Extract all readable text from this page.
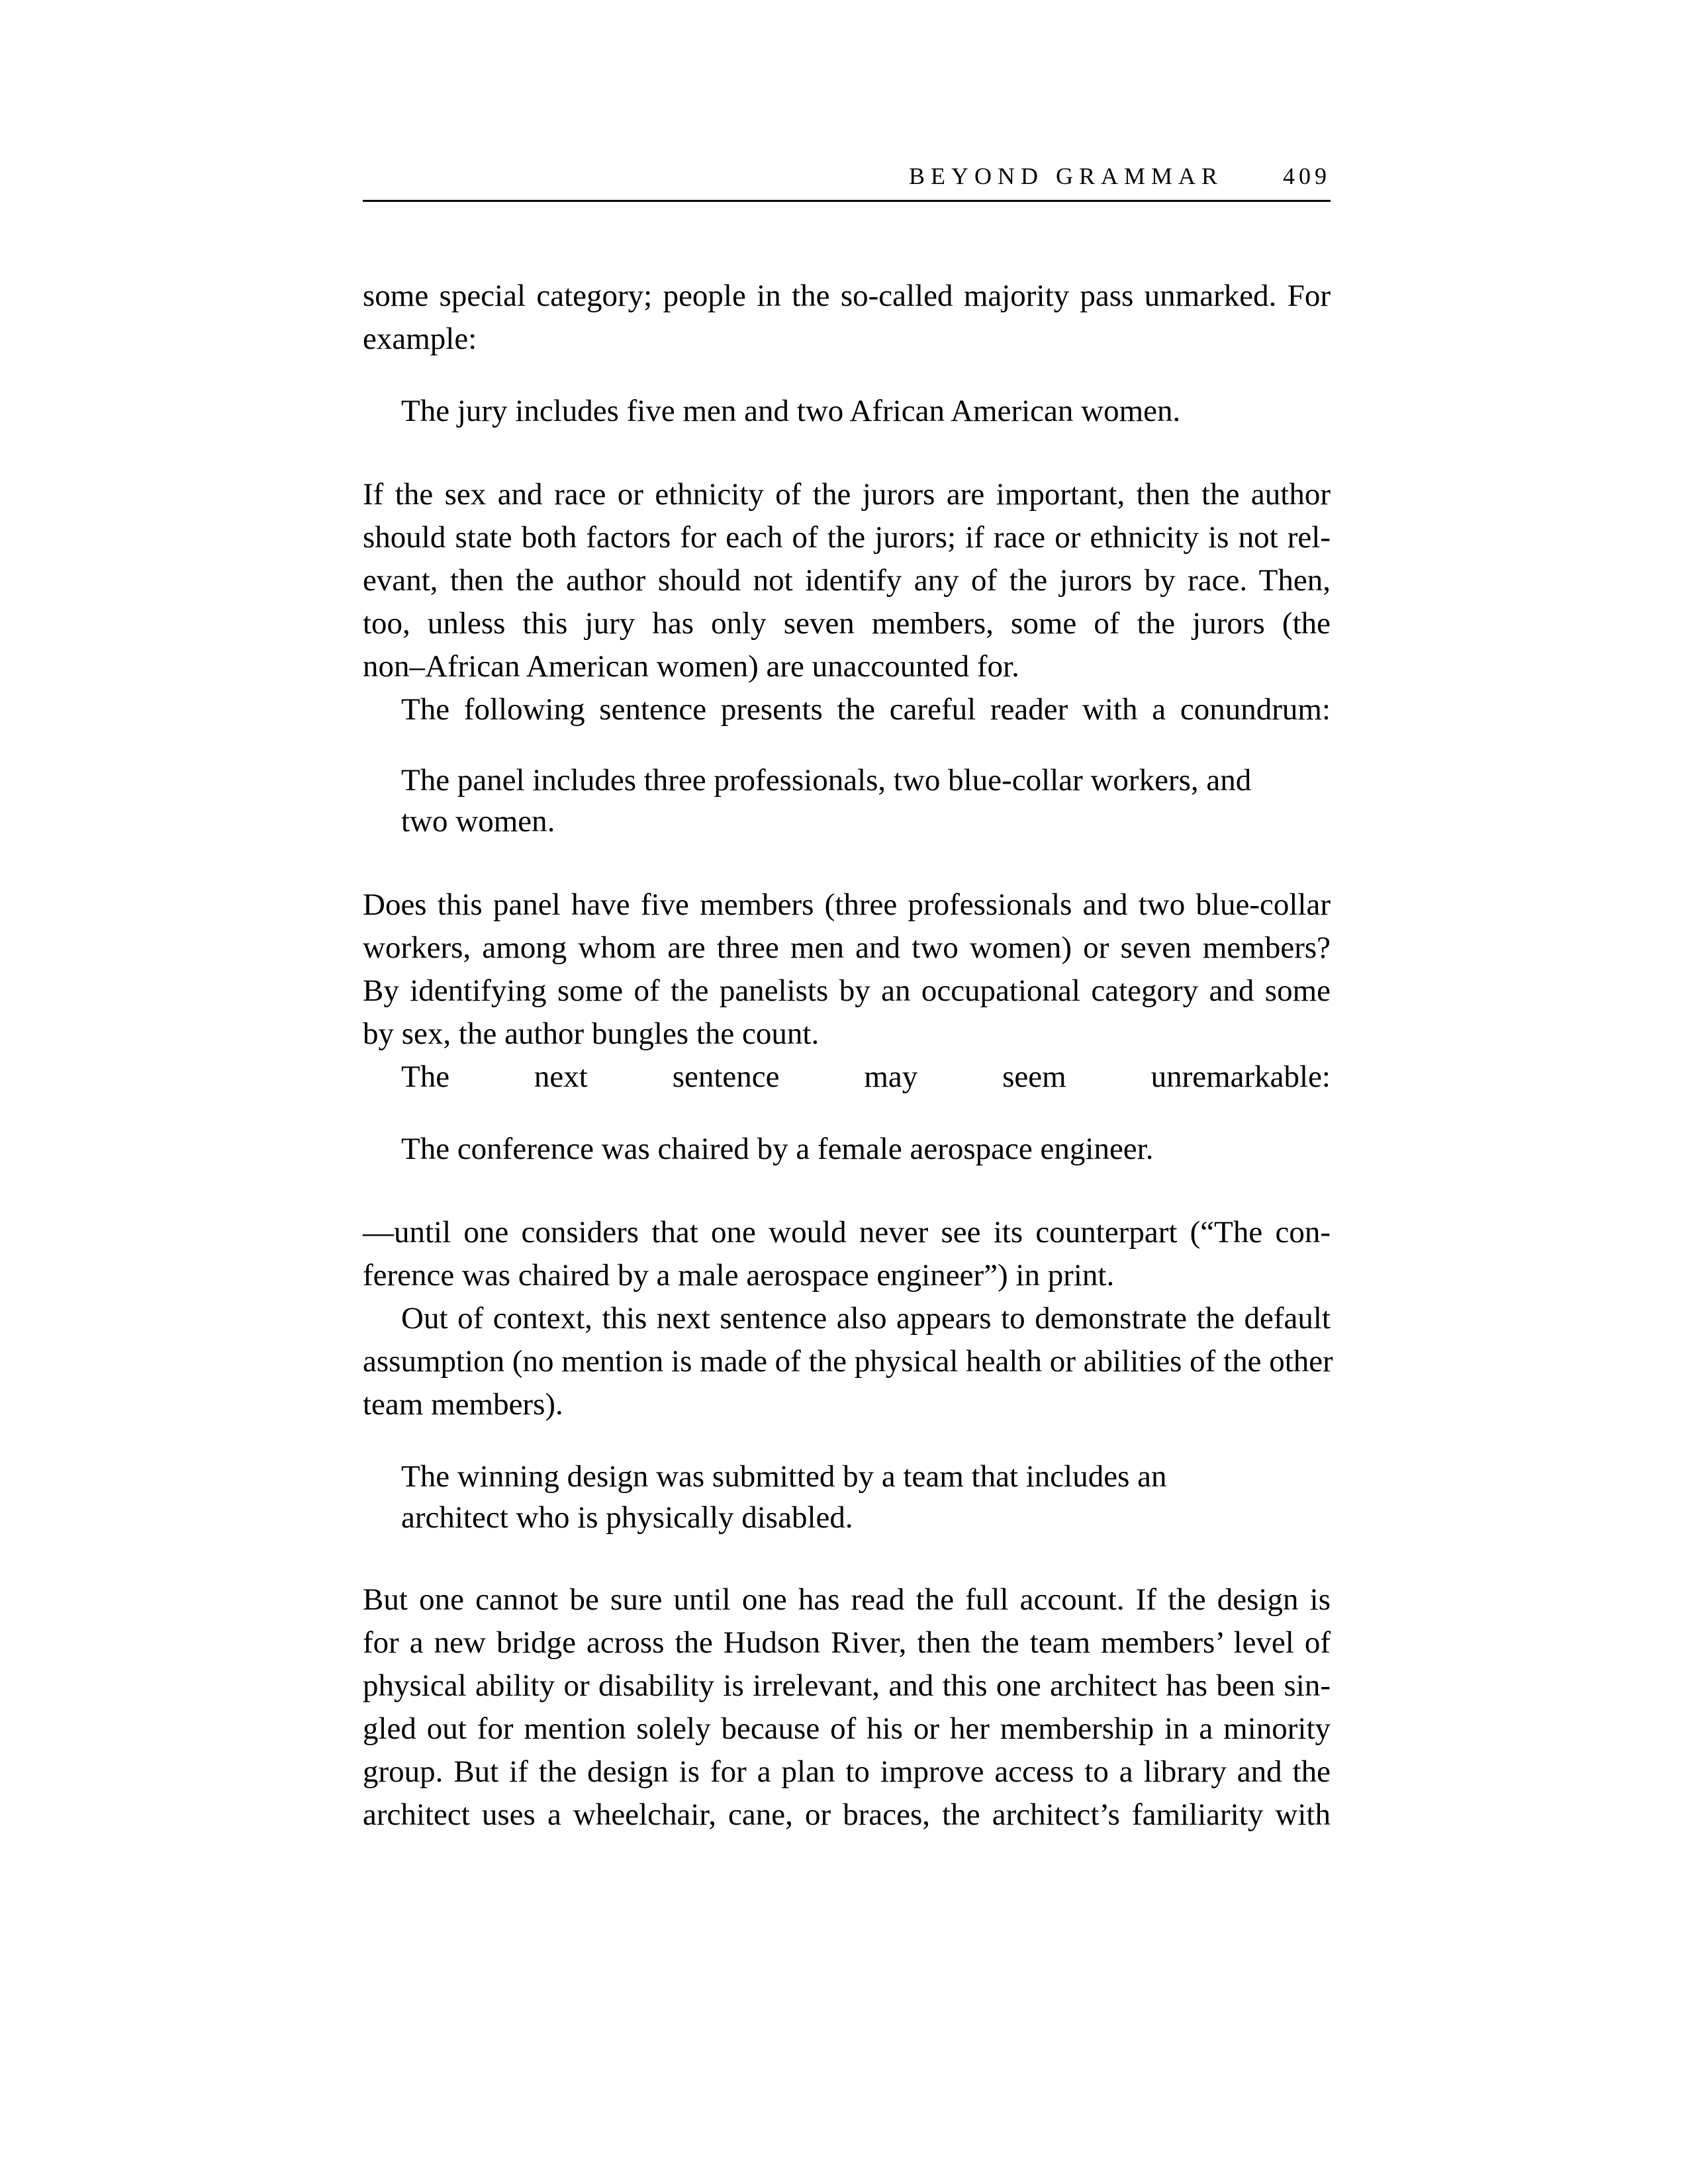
BEYOND GRAMMAR	409
some special category; people in the so-called majority pass unmarked. For
example:
The jury includes five men and two African American women.
If the sex and race or ethnicity of the jurors are important, then the author
should state both factors for each of the jurors; if race or ethnicity is not rel-
evant, then the author should not identify any of the jurors by race. Then,
too, unless this jury has only seven members, some of the jurors (the
non–African American women) are unaccounted for.
The following sentence presents the careful reader with a conundrum:
The panel includes three professionals, two blue-collar workers, and
two women.
Does this panel have five members (three professionals and two blue-collar
workers, among whom are three men and two women) or seven members?
By identifying some of the panelists by an occupational category and some
by sex, the author bungles the count.
The next sentence may seem unremarkable:
The conference was chaired by a female aerospace engineer.
—until one considers that one would never see its counterpart (“The con-
ference was chaired by a male aerospace engineer”) in print.
Out of context, this next sentence also appears to demonstrate the default
assumption (no mention is made of the physical health or abilities of the other
team members).
The winning design was submitted by a team that includes an
architect who is physically disabled.
But one cannot be sure until one has read the full account. If the design is
for a new bridge across the Hudson River, then the team members’ level of
physical ability or disability is irrelevant, and this one architect has been sin-
gled out for mention solely because of his or her membership in a minority
group. But if the design is for a plan to improve access to a library and the
architect uses a wheelchair, cane, or braces, the architect’s familiarity with
